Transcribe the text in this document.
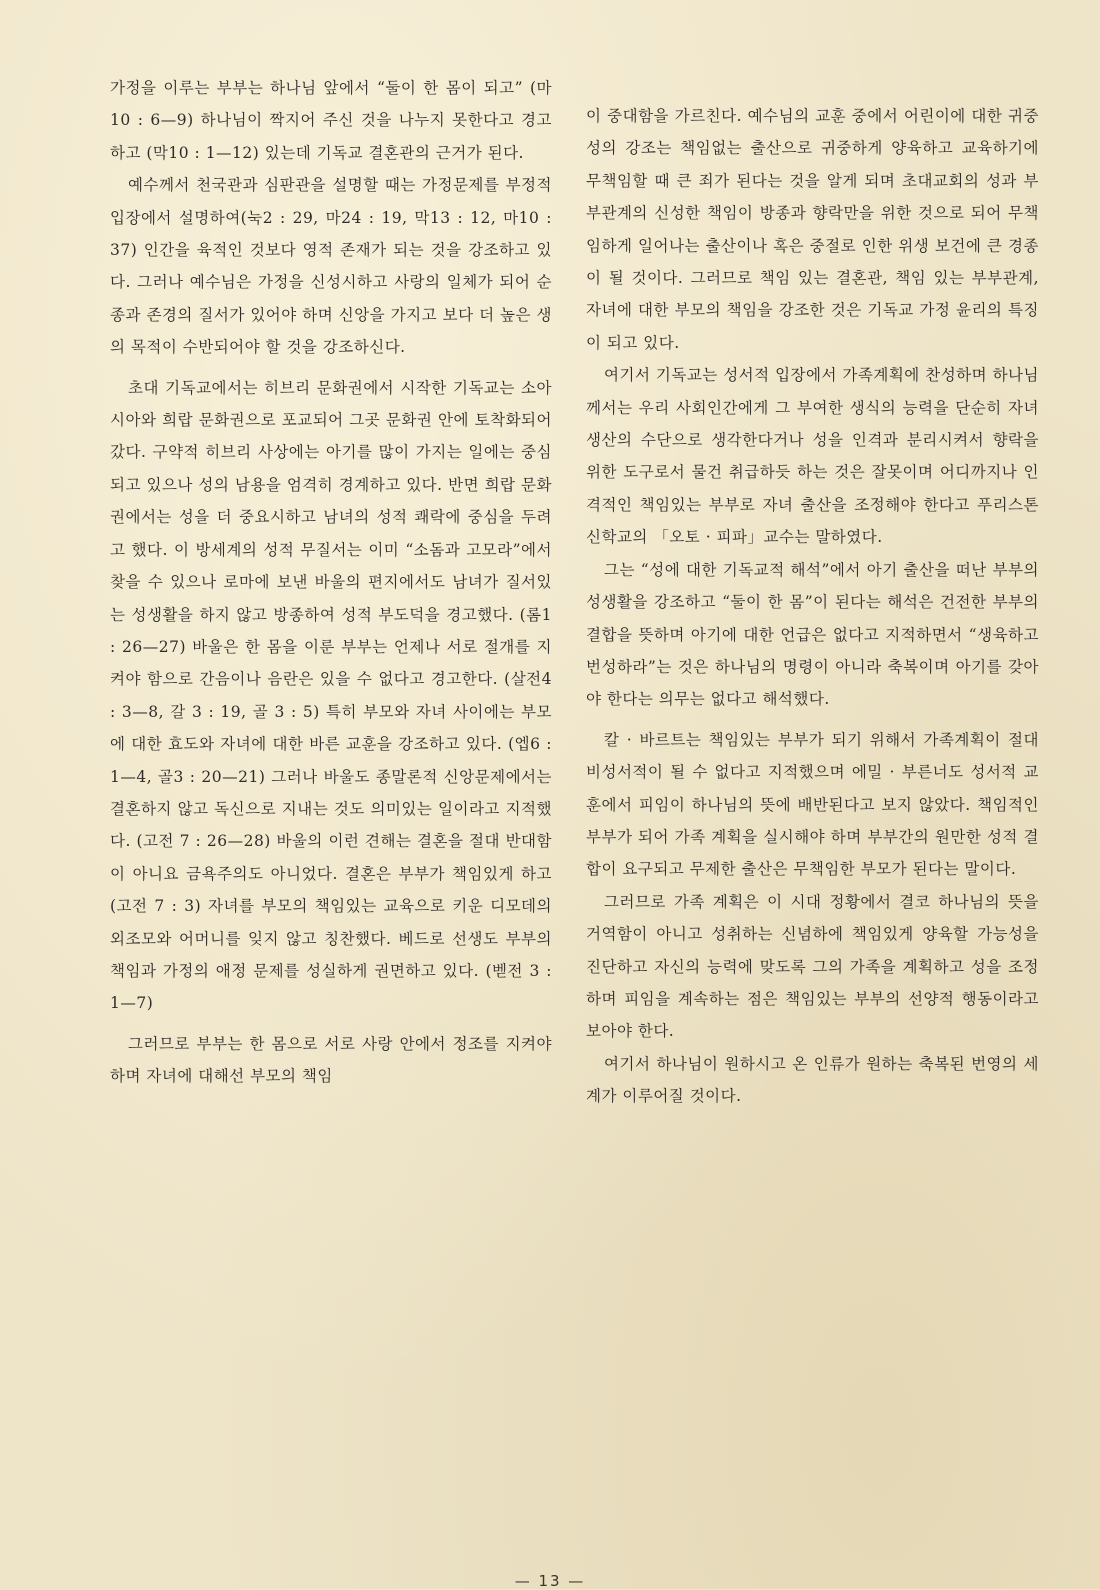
가정을 이루는 부부는 하나님 앞에서 “둘이 한 몸이 되고” (마10 : 6—9) 하나님이 짝지어 주신 것을 나누지 못한다고 경고하고 (막10 : 1—12) 있는데 기독교 결혼관의 근거가 된다.

예수께서 천국관과 심판관을 설명할 때는 가정문제를 부정적 입장에서 설명하여(눅2 : 29, 마24 : 19, 막13 : 12, 마10 : 37) 인간을 육적인 것보다 영적 존재가 되는 것을 강조하고 있다. 그러나 예수님은 가정을 신성시하고 사랑의 일체가 되어 순종과 존경의 질서가 있어야 하며 신앙을 가지고 보다 더 높은 생의 목적이 수반되어야 할 것을 강조하신다.

초대 기독교에서는 히브리 문화권에서 시작한 기독교는 소아시아와 희랍 문화권으로 포교되어 그곳 문화권 안에 토착화되어 갔다. 구약적 히브리 사상에는 아기를 많이 가지는 일에는 중심되고 있으나 성의 남용을 엄격히 경계하고 있다. 반면 희랍 문화권에서는 성을 더 중요시하고 남녀의 성적 쾌락에 중심을 두려고 했다. 이 방세계의 성적 무질서는 이미 “소돔과 고모라”에서 찾을 수 있으나 로마에 보낸 바울의 편지에서도 남녀가 질서있는 성생활을 하지 않고 방종하여 성적 부도덕을 경고했다. (롬1 : 26—27) 바울은 한 몸을 이룬 부부는 언제나 서로 절개를 지켜야 함으로 간음이나 음란은 있을 수 없다고 경고한다. (살전4 : 3—8, 갈 3 : 19, 골 3 : 5) 특히 부모와 자녀 사이에는 부모에 대한 효도와 자녀에 대한 바른 교훈을 강조하고 있다. (엡6 : 1—4, 골3 : 20—21) 그러나 바울도 종말론적 신앙문제에서는 결혼하지 않고 독신으로 지내는 것도 의미있는 일이라고 지적했다. (고전 7 : 26—28) 바울의 이런 견해는 결혼을 절대 반대함이 아니요 금욕주의도 아니었다. 결혼은 부부가 책임있게 하고 (고전 7 : 3) 자녀를 부모의 책임있는 교육으로 키운 디모데의 외조모와 어머니를 잊지 않고 칭찬했다. 베드로 선생도 부부의 책임과 가정의 애정 문제를 성실하게 권면하고 있다. (벧전 3 : 1—7)

그러므로 부부는 한 몸으로 서로 사랑 안에서 정조를 지켜야 하며 자녀에 대해선 부모의 책임

이 중대함을 가르친다. 예수님의 교훈 중에서 어린이에 대한 귀중성의 강조는 책임없는 출산으로 귀중하게 양육하고 교육하기에 무책임할 때 큰 죄가 된다는 것을 알게 되며 초대교회의 성과 부부관계의 신성한 책임이 방종과 향락만을 위한 것으로 되어 무책임하게 일어나는 출산이나 혹은 중절로 인한 위생 보건에 큰 경종이 될 것이다. 그러므로 책임 있는 결혼관, 책임 있는 부부관계, 자녀에 대한 부모의 책임을 강조한 것은 기독교 가정 윤리의 특징이 되고 있다.

여기서 기독교는 성서적 입장에서 가족계획에 찬성하며 하나님께서는 우리 사회인간에게 그 부여한 생식의 능력을 단순히 자녀 생산의 수단으로 생각한다거나 성을 인격과 분리시켜서 향락을 위한 도구로서 물건 취급하듯 하는 것은 잘못이며 어디까지나 인격적인 책임있는 부부로 자녀 출산을 조정해야 한다고 푸리스톤 신학교의 「오토 · 피파」교수는 말하였다.

그는 “성에 대한 기독교적 해석”에서 아기 출산을 떠난 부부의 성생활을 강조하고 “둘이 한 몸”이 된다는 해석은 건전한 부부의 결합을 뜻하며 아기에 대한 언급은 없다고 지적하면서 “생육하고 번성하라”는 것은 하나님의 명령이 아니라 축복이며 아기를 갖아야 한다는 의무는 없다고 해석했다.

칼 · 바르트는 책임있는 부부가 되기 위해서 가족계획이 절대 비성서적이 될 수 없다고 지적했으며 에밀 · 부른너도 성서적 교훈에서 피임이 하나님의 뜻에 배반된다고 보지 않았다. 책임적인 부부가 되어 가족 계획을 실시해야 하며 부부간의 원만한 성적 결합이 요구되고 무제한 출산은 무책임한 부모가 된다는 말이다.

그러므로 가족 계획은 이 시대 정황에서 결코 하나님의 뜻을 거역함이 아니고 성취하는 신념하에 책임있게 양육할 가능성을 진단하고 자신의 능력에 맞도록 그의 가족을 계획하고 성을 조정하며 피임을 계속하는 점은 책임있는 부부의 선양적 행동이라고 보아야 한다.

여기서 하나님이 원하시고 온 인류가 원하는 축복된 번영의 세계가 이루어질 것이다.

— 13 —
